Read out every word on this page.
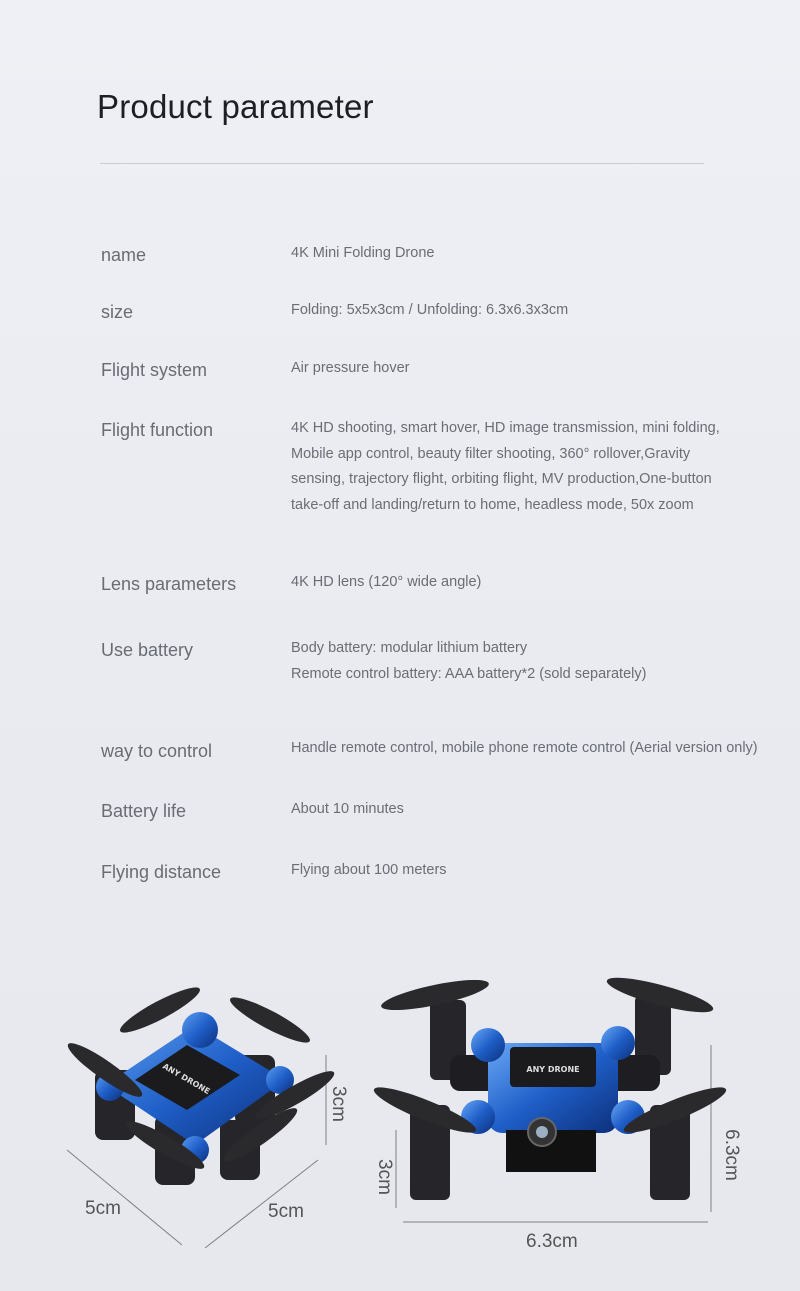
Product parameter
name	4K Mini Folding Drone
size	Folding: 5x5x3cm / Unfolding: 6.3x6.3x3cm
Flight system	Air pressure hover
Flight function	4K HD shooting, smart hover, HD image transmission, mini folding,
Mobile app control, beauty filter shooting, 360° rollover,Gravity
sensing, trajectory flight, orbiting flight, MV production,One-button
take-off and landing/return to home, headless mode, 50x zoom
Lens parameters	4K HD lens (120° wide angle)
Use battery	Body battery: modular lithium battery
Remote control battery: AAA battery*2 (sold separately)
way to control	Handle remote control, mobile phone remote control (Aerial version only)
Battery life	About 10 minutes
Flying distance	Flying about 100 meters
ANY DRONE	ANY DRONE
3cm
5cm	5cm
3cm	6.3cm
6.3cm
